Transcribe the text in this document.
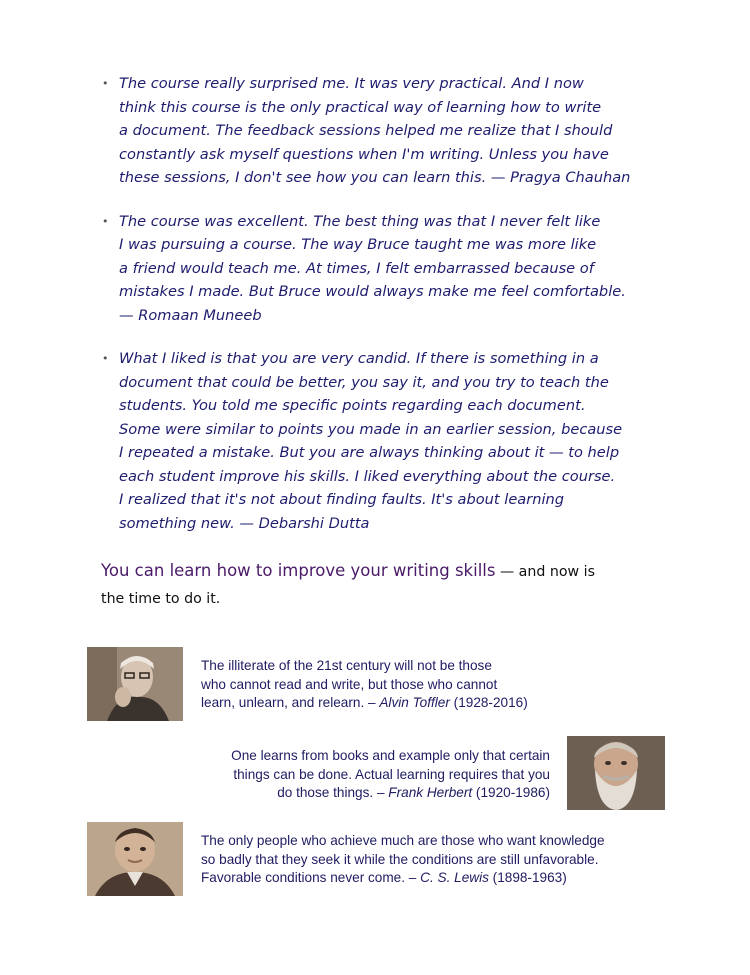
• The course really surprised me. It was very practical. And I now
think this course is the only practical way of learning how to write
a document. The feedback sessions helped me realize that I should
constantly ask myself questions when I'm writing. Unless you have
these sessions, I don't see how you can learn this. — Pragya Chauhan
• The course was excellent. The best thing was that I never felt like
I was pursuing a course. The way Bruce taught me was more like
a friend would teach me. At times, I felt embarrassed because of
mistakes I made. But Bruce would always make me feel comfortable.
— Romaan Muneeb
• What I liked is that you are very candid. If there is something in a
document that could be better, you say it, and you try to teach the
students. You told me specific points regarding each document.
Some were similar to points you made in an earlier session, because
I repeated a mistake. But you are always thinking about it — to help
each student improve his skills. I liked everything about the course.
I realized that it's not about finding faults. It's about learning
something new. — Debarshi Dutta

You can learn how to improve your writing skills — and now is
the time to do it.

The illiterate of the 21st century will not be those
who cannot read and write, but those who cannot
learn, unlearn, and relearn. – Alvin Toffler (1928-2016)
One learns from books and example only that certain
things can be done. Actual learning requires that you
do those things. – Frank Herbert (1920-1986)
The only people who achieve much are those who want knowledge
so badly that they seek it while the conditions are still unfavorable.
Favorable conditions never come. – C. S. Lewis (1898-1963)
